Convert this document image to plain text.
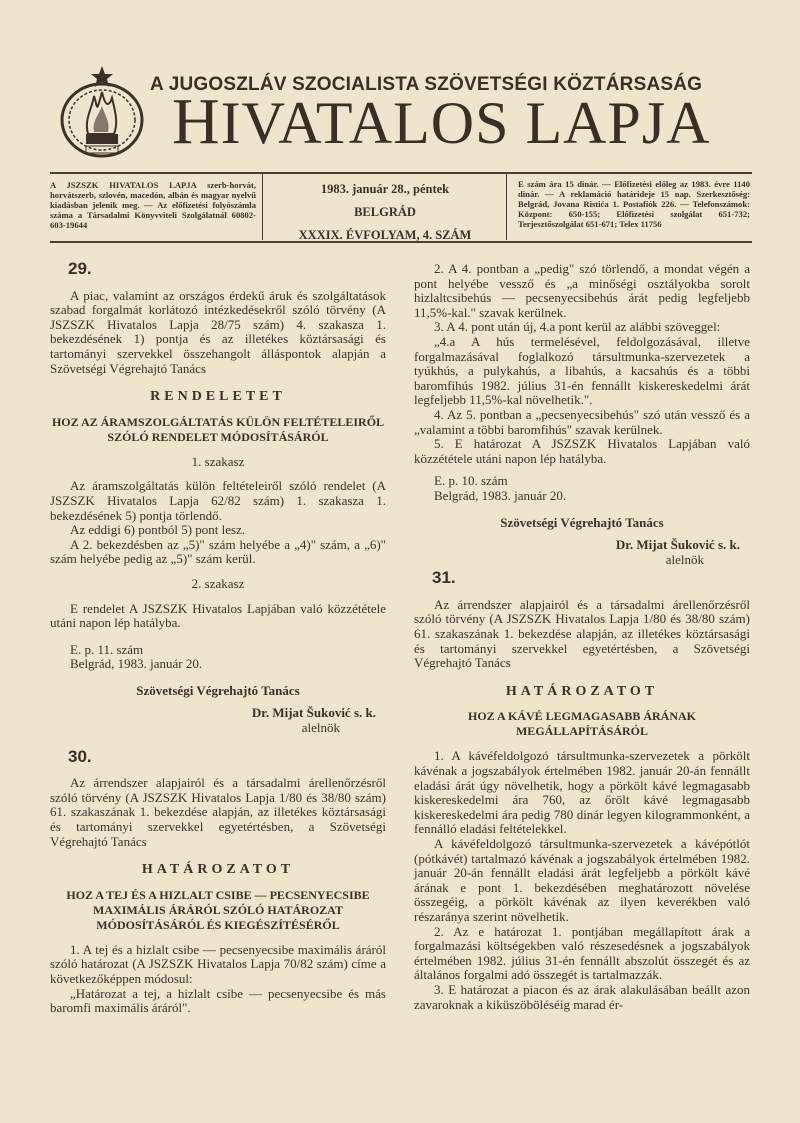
A JUGOSZLÁV SZOCIALISTA SZÖVETSÉGI KÖZTÁRSASÁG
HIVATALOS LAPJA
A JSZSZK HIVATALOS LAPJA szerb-horvát, horvátszerb, szlovén, macedón, albán és magyar nyelvű kiadásban jelenik meg. — Az előfizetési folyószámla száma a Társadalmi Könyvviteli Szolgálatnál 60802-603-19644
1983. január 28., péntek
BELGRÁD
XXXIX. ÉVFOLYAM, 4. SZÁM
E szám ára 15 dinár. — Előfizetési előleg az 1983. évre 1140 dinár. — A reklamáció határideje 15 nap. Szerkesztőség: Belgrád, Jovana Ristića 1. Postafiók 226. — Telefonszámok: Központ: 650-155; Előfizetési szolgálat 651-732; Terjesztőszolgálat 651-671; Telex 11756
29.

A piac, valamint az országos érdekű áruk és szolgáltatások szabad forgalmát korlátozó intézkedésekről szóló törvény (A JSZSZK Hivatalos Lapja 28/75 szám) 4. szakasza 1. bekezdésének 1) pontja és az illetékes köztársasági és tartományi szervekkel összehangolt álláspontok alapján a Szövetségi Végrehajtó Tanács

RENDELETET
HOZ AZ ÁRAMSZOLGÁLTATÁS KÜLÖN FELTÉTELEIRŐL SZÓLÓ RENDELET MÓDOSÍTÁSÁRÓL
1. szakasz

Az áramszolgáltatás külön feltételeiről szóló rendelet (A JSZSZK Hivatalos Lapja 62/82 szám) 1. szakasza 1. bekezdésének 5) pontja törlendő.

Az eddigi 6) pontból 5) pont lesz.

A 2. bekezdésben az „5)" szám helyébe a „4)" szám, a „6)" szám helyébe pedig az „5)" szám kerül.

2. szakasz

E rendelet A JSZSZK Hivatalos Lapjában való közzététele utáni napon lép hatályba.

E. p. 11. szám

Belgrád, 1983. január 20.

Szövetségi Végrehajtó Tanács
Dr. Mijat Šuković s. k.
alelnök
30.

Az árrendszer alapjairól és a társadalmi árellenőrzésről szóló törvény (A JSZSZK Hivatalos Lapja 1/80 és 38/80 szám) 61. szakaszának 1. bekezdése alapján, az illetékes köztársasági és tartományi szervekkel egyetértésben, a Szövetségi Végrehajtó Tanács

HATÁROZATOT
HOZ A TEJ ÉS A HIZLALT CSIBE — PECSENYECSIBE MAXIMÁLIS ÁRÁRÓL SZÓLÓ HATÁROZAT MÓDOSÍTÁSÁRÓL ÉS KIEGÉSZÍTÉSÉRŐL

1. A tej és a hizlalt csibe — pecsenyecsibe maximális áráról szóló határozat (A JSZSZK Hivatalos Lapja 70/82 szám) címe a következőképpen módosul:

„Határozat a tej, a hizlalt csibe — pecsenyecsibe és más baromfi maximális áráról".

2. A 4. pontban a „pedig" szó törlendő, a mondat végén a pont helyébe vessző és „a minőségi osztályokba sorolt hizlaltcsibehús — pecsenyecsibehús árát pedig legfeljebb 11,5%-kal." szavak kerülnek.

3. A 4. pont után új, 4.a pont kerül az alábbi szöveggel:

„4.a A hús termelésével, feldolgozásával, illetve forgalmazásával foglalkozó társultmunka-szervezetek a tyúkhús, a pulykahús, a libahús, a kacsahús és a többi baromfihús 1982. július 31-én fennállt kiskereskedelmi árát legfeljebb 11,5%-kal növelhetik.".

4. Az 5. pontban a „pecsenyecsibehús" szó után vessző és a „valamint a többi baromfihús" szavak kerülnek.

5. E határozat A JSZSZK Hivatalos Lapjában való közzététele utáni napon lép hatályba.

E. p. 10. szám

Belgrád, 1983. január 20.

Szövetségi Végrehajtó Tanács
Dr. Mijat Šuković s. k.
alelnök
31.

Az árrendszer alapjairól és a társadalmi árellenőrzésről szóló törvény (A JSZSZK Hivatalos Lapja 1/80 és 38/80 szám) 61. szakaszának 1. bekezdése alapján, az illetékes köztársasági és tartományi szervekkel egyetértésben, a Szövetségi Végrehajtó Tanács

HATÁROZATOT
HOZ A KÁVÉ LEGMAGASABB ÁRÁNAK MEGÁLLAPÍTÁSÁRÓL

1. A kávéfeldolgozó társultmunka-szervezetek a pörkölt kávénak a jogszabályok értelmében 1982. január 20-án fennállt eladási árát úgy növelhetik, hogy a pörkölt kávé legmagasabb kiskereskedelmi ára 760, az őrölt kávé legmagasabb kiskereskedelmi ára pedig 780 dinár legyen kilogrammonként, a fennálló eladási feltételekkel.

A kávéfeldolgozó társultmunka-szervezetek a kávépótlót (pótkávét) tartalmazó kávénak a jogszabályok értelmében 1982. január 20-án fennállt eladási árát legfeljebb a pörkölt kávé árának e pont 1. bekezdésében meghatározott növelése összegéig, a pörkölt kávénak az ilyen keverékben való részaránya szerint növelhetik.

2. Az e határozat 1. pontjában megállapított árak a forgalmazási költségekben való részesedésnek a jogszabályok értelmében 1982. július 31-én fennállt abszolút összegét és az általános forgalmi adó összegét is tartalmazzák.

3. E határozat a piacon és az árak alakulásában beállt azon zavaroknak a kiküszöböléséig marad ér-
